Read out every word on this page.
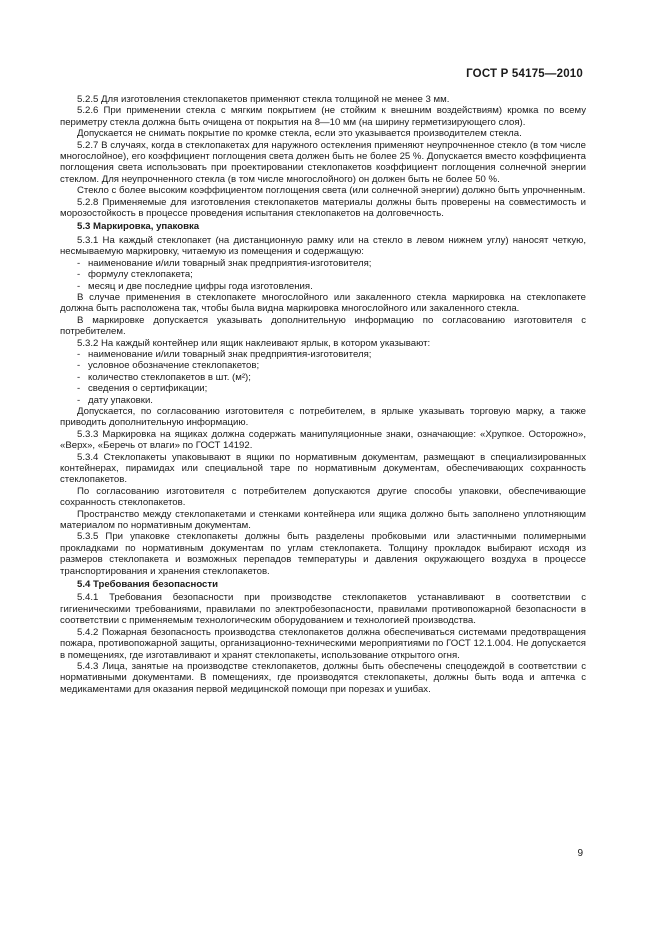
ГОСТ Р 54175—2010

5.2.5 Для изготовления стеклопакетов применяют стекла толщиной не менее 3 мм.

5.2.6 При применении стекла с мягким покрытием (не стойким к внешним воздействиям) кромка по всему периметру стекла должна быть очищена от покрытия на 8—10 мм (на ширину герметизирующего слоя).

Допускается не снимать покрытие по кромке стекла, если это указывается производителем стекла.

5.2.7 В случаях, когда в стеклопакетах для наружного остекления применяют неупрочненное стекло (в том числе многослойное), его коэффициент поглощения света должен быть не более 25 %. Допускается вместо коэффициента поглощения света использовать при проектировании стеклопакетов коэффициент поглощения солнечной энергии стеклом. Для неупрочненного стекла (в том числе многослойного) он должен быть не более 50 %.

Стекло с более высоким коэффициентом поглощения света (или солнечной энергии) должно быть упрочненным.

5.2.8 Применяемые для изготовления стеклопакетов материалы должны быть проверены на совместимость и морозостойкость в процессе проведения испытания стеклопакетов на долговечность.

5.3 Маркировка, упаковка

5.3.1 На каждый стеклопакет (на дистанционную рамку или на стекло в левом нижнем углу) наносят четкую, несмываемую маркировку, читаемую из помещения и содержащую:

- наименование и/или товарный знак предприятия-изготовителя;
- формулу стеклопакета;
- месяц и две последние цифры года изготовления.

В случае применения в стеклопакете многослойного или закаленного стекла маркировка на стеклопакете должна быть расположена так, чтобы была видна маркировка многослойного или закаленного стекла.

В маркировке допускается указывать дополнительную информацию по согласованию изготовителя с потребителем.

5.3.2 На каждый контейнер или ящик наклеивают ярлык, в котором указывают:

- наименование и/или товарный знак предприятия-изготовителя;
- условное обозначение стеклопакетов;
- количество стеклопакетов в шт. (м²);
- сведения о сертификации;
- дату упаковки.

Допускается, по согласованию изготовителя с потребителем, в ярлыке указывать торговую марку, а также приводить дополнительную информацию.

5.3.3 Маркировка на ящиках должна содержать манипуляционные знаки, означающие: «Хрупкое. Осторожно», «Верх», «Беречь от влаги» по ГОСТ 14192.

5.3.4 Стеклопакеты упаковывают в ящики по нормативным документам, размещают в специализированных контейнерах, пирамидах или специальной таре по нормативным документам, обеспечивающих сохранность стеклопакетов.

По согласованию изготовителя с потребителем допускаются другие способы упаковки, обеспечивающие сохранность стеклопакетов.

Пространство между стеклопакетами и стенками контейнера или ящика должно быть заполнено уплотняющим материалом по нормативным документам.

5.3.5 При упаковке стеклопакеты должны быть разделены пробковыми или эластичными полимерными прокладками по нормативным документам по углам стеклопакета. Толщину прокладок выбирают исходя из размеров стеклопакета и возможных перепадов температуры и давления окружающего воздуха в процессе транспортирования и хранения стеклопакетов.

5.4 Требования безопасности

5.4.1 Требования безопасности при производстве стеклопакетов устанавливают в соответствии с гигиеническими требованиями, правилами по электробезопасности, правилами противопожарной безопасности в соответствии с применяемым технологическим оборудованием и технологией производства.

5.4.2 Пожарная безопасность производства стеклопакетов должна обеспечиваться системами предотвращения пожара, противопожарной защиты, организационно-техническими мероприятиями по ГОСТ 12.1.004. Не допускается в помещениях, где изготавливают и хранят стеклопакеты, использование открытого огня.

5.4.3 Лица, занятые на производстве стеклопакетов, должны быть обеспечены спецодеждой в соответствии с нормативными документами. В помещениях, где производятся стеклопакеты, должны быть вода и аптечка с медикаментами для оказания первой медицинской помощи при порезах и ушибах.

9
